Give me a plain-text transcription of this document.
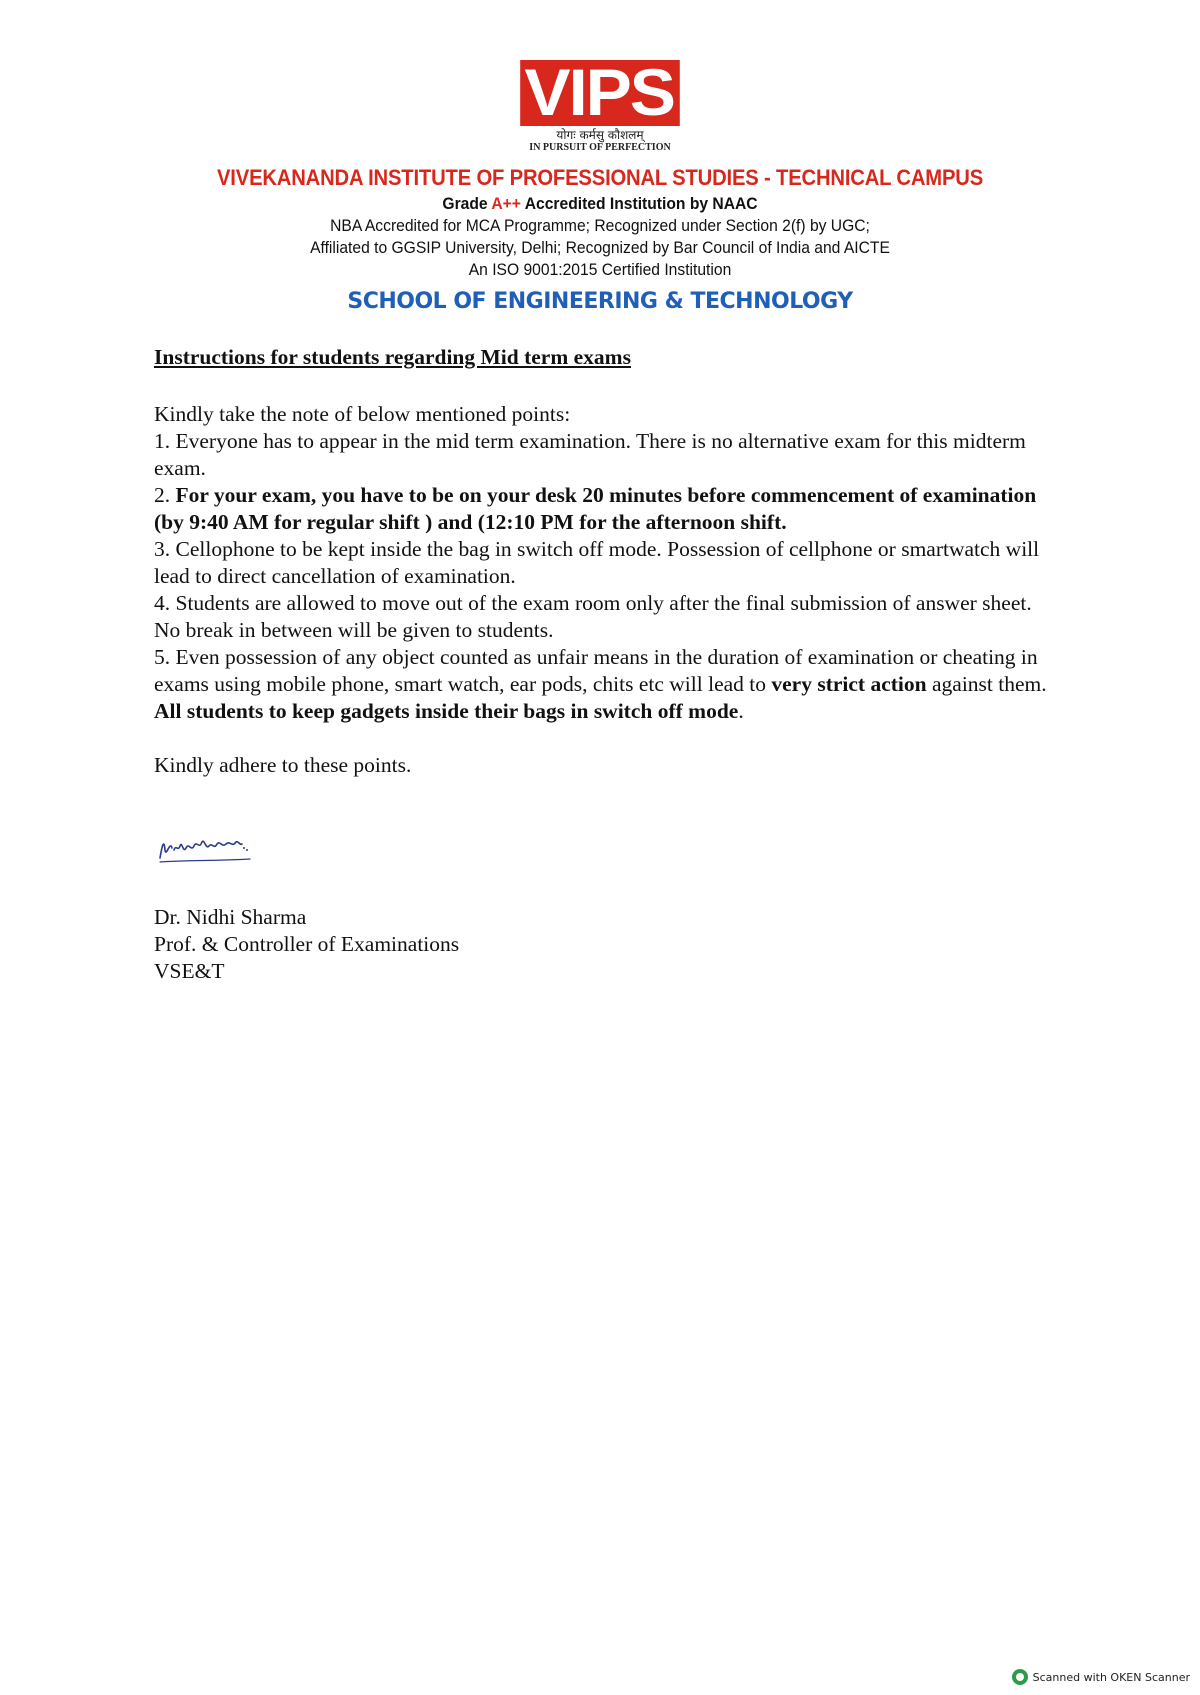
VIPS
योगः कर्मसु कौशलम्
IN PURSUIT OF PERFECTION
VIVEKANANDA INSTITUTE OF PROFESSIONAL STUDIES - TECHNICAL CAMPUS
Grade A++ Accredited Institution by NAAC
NBA Accredited for MCA Programme; Recognized under Section 2(f) by UGC;
Affiliated to GGSIP University, Delhi; Recognized by Bar Council of India and AICTE
An ISO 9001:2015 Certified Institution
SCHOOL OF ENGINEERING & TECHNOLOGY

Instructions for students regarding Mid term exams

Kindly take the note of below mentioned points:

1. Everyone has to appear in the mid term examination. There is no alternative exam for this midterm exam.

2. For your exam, you have to be on your desk 20 minutes before commencement of examination (by 9:40 AM for regular shift ) and (12:10 PM for the afternoon shift.

3. Cellophone to be kept inside the bag in switch off mode. Possession of cellphone or smartwatch will lead to direct cancellation of examination.

4. Students are allowed to move out of the exam room only after the final submission of answer sheet. No break in between will be given to students.

5. Even possession of any object counted as unfair means in the duration of examination or cheating in exams using mobile phone, smart watch, ear pods, chits etc will lead to very strict action against them. All students to keep gadgets inside their bags in switch off mode.

Kindly adhere to these points.

Dr. Nidhi Sharma
Prof. & Controller of Examinations
VSE&T
Scanned with OKEN Scanner
